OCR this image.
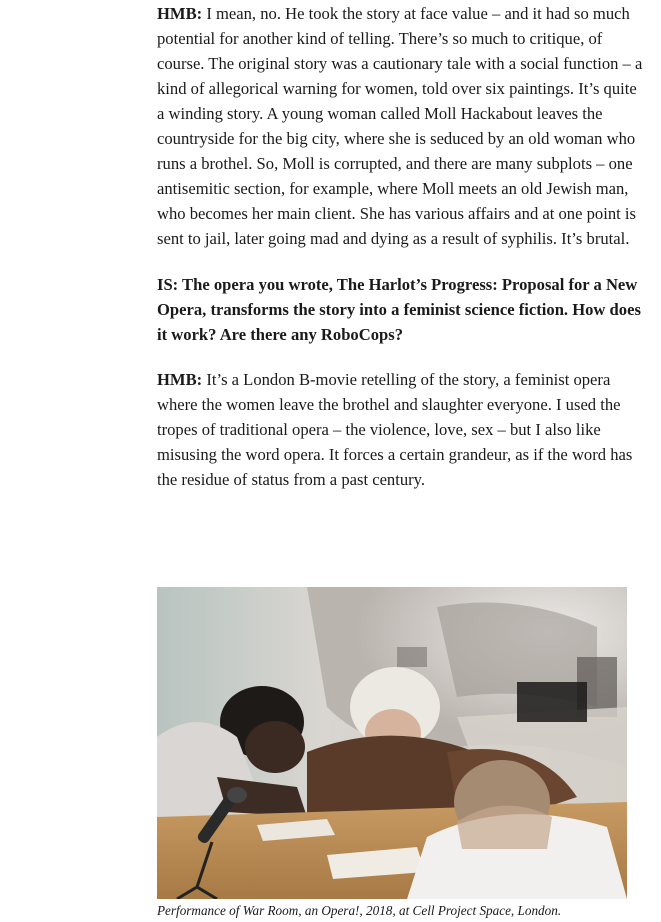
HMB: I mean, no. He took the story at face value – and it had so much potential for another kind of telling. There’s so much to critique, of course. The original story was a cautionary tale with a social function – a kind of allegorical warning for women, told over six paintings. It’s quite a winding story. A young woman called Moll Hackabout leaves the countryside for the big city, where she is seduced by an old woman who runs a brothel. So, Moll is corrupted, and there are many subplots – one antisemitic section, for example, where Moll meets an old Jewish man, who becomes her main client. She has various affairs and at one point is sent to jail, later going mad and dying as a result of syphilis. It’s brutal.

IS: The opera you wrote, The Harlot’s Progress: Proposal for a New Opera, transforms the story into a feminist science fiction. How does it work? Are there any RoboCops?

HMB: It’s a London B-movie retelling of the story, a feminist opera where the women leave the brothel and slaughter everyone. I used the tropes of traditional opera – the violence, love, sex – but I also like misusing the word opera. It forces a certain grandeur, as if the word has the residue of status from a past century.

Performance of War Room, an Opera!, 2018, at Cell Project Space, London.
